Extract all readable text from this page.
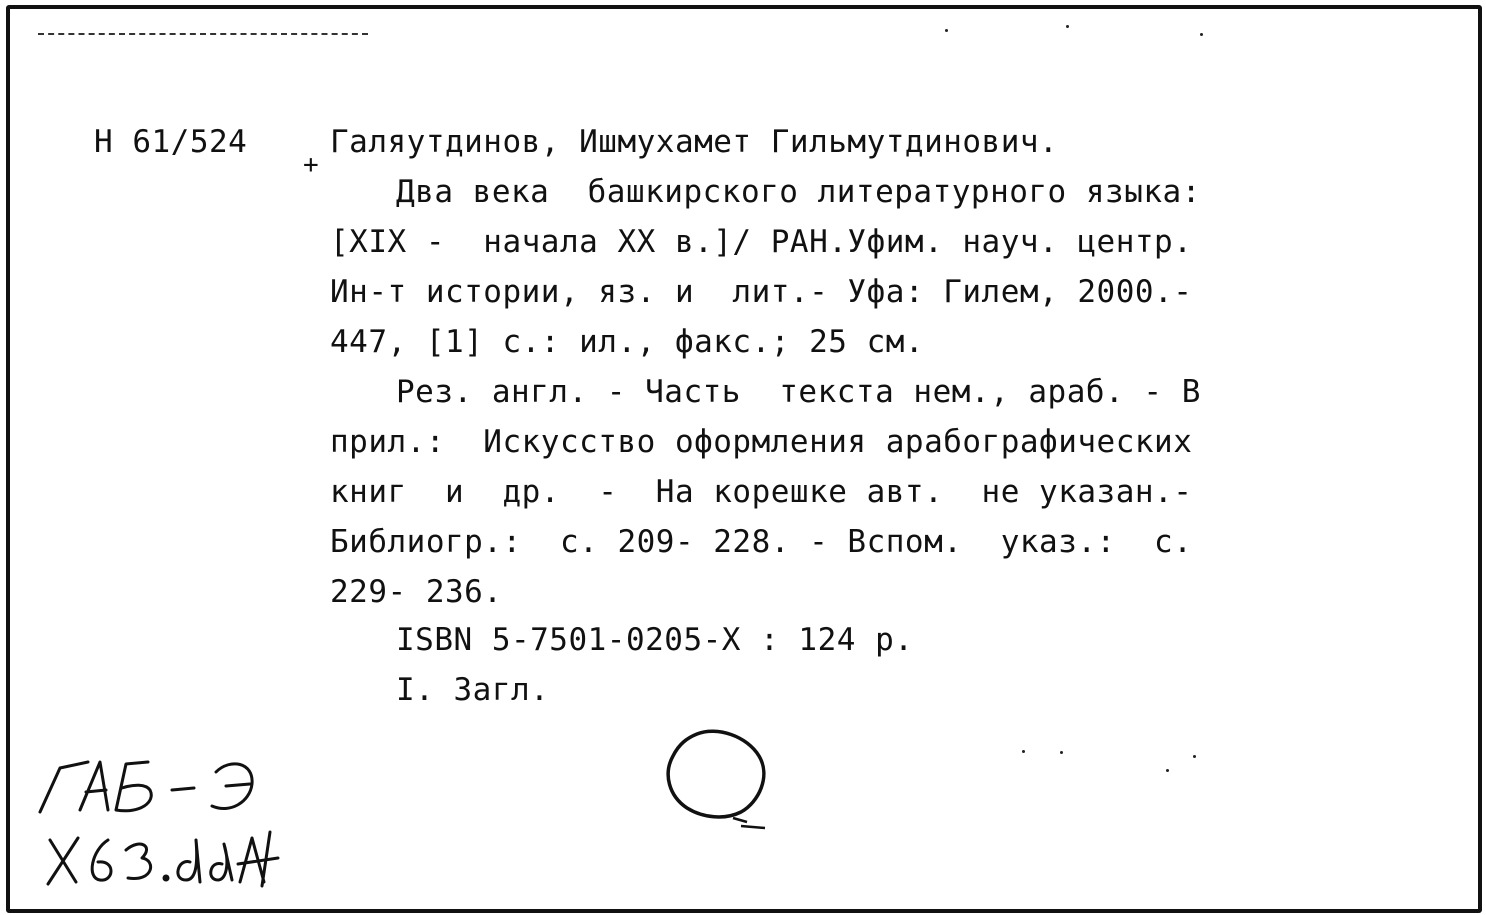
Н 61/524
+
Галяутдинов, Ишмухамет Гильмутдинович.
Два века  башкирского литературного языка:
[XIX -  начала XX в.]/ РАН.Уфим. науч. центр.
Ин-т истории, яз. и  лит.- Уфа: Гилем, 2000.-
447, [1] с.: ил., факс.; 25 см.
Рез. англ. - Часть  текста нем., араб. - В
прил.:  Искусство оформления арабографических
книг  и  др.  -  На корешке авт.  не указан.-
Библиогр.:  с. 209- 228. - Вспом.  указ.:  с.
229- 236.
ISBN 5-7501-0205-X : 124 р.
I. Загл.
